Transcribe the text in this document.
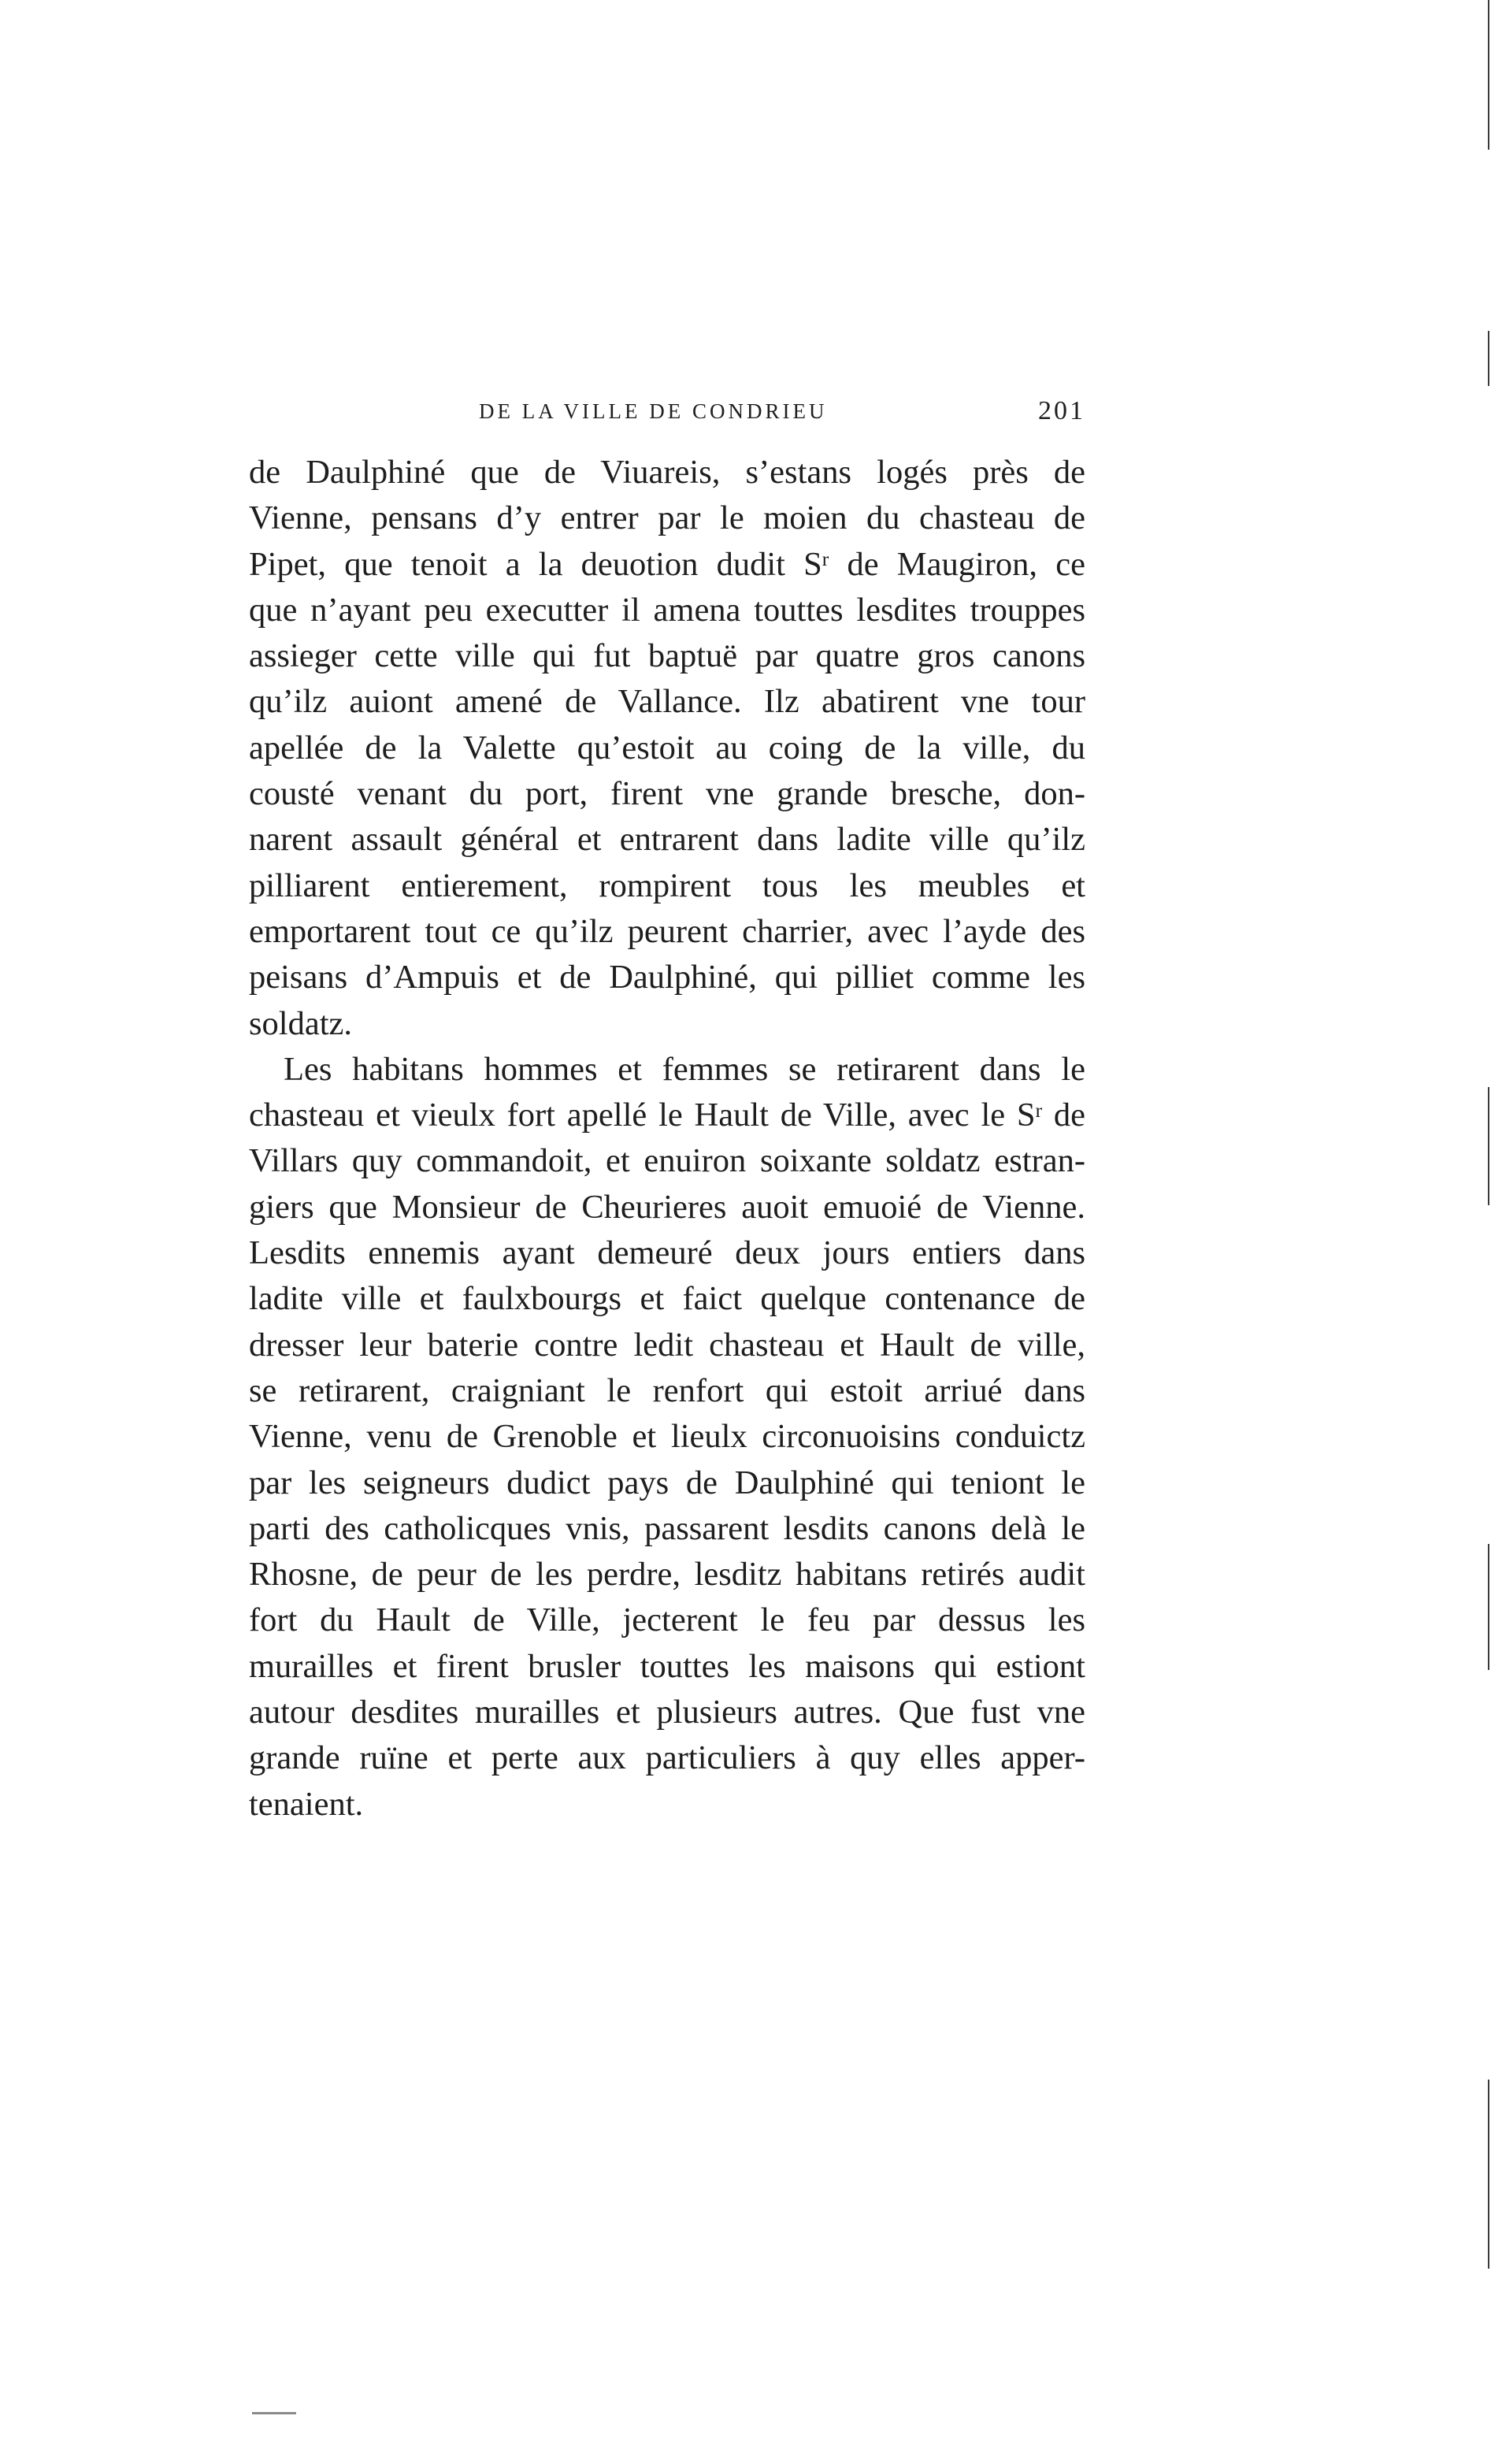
DE LA VILLE DE CONDRIEU	201

de Daulphiné que de Viuareis, s’estans logés près de
Vienne, pensans d’y entrer par le moien du chasteau de
Pipet, que tenoit a la deuotion dudit $S^r$ de Maugiron, ce
que n’ayant peu executter il amena touttes lesdites trouppes
assieger cette ville qui fut baptuë par quatre gros canons
qu’ilz auiont amené de Vallance. Ilz abatirent vne tour
apellée de la Valette qu’estoit au coing de la ville, du
cousté venant du port, firent vne grande bresche, don-
narent assault général et entrarent dans ladite ville qu’ilz
pilliarent entierement, rompirent tous les meubles et
emportarent tout ce qu’ilz peurent charrier, avec l’ayde des
peisans d’Ampuis et de Daulphiné, qui pilliet comme les
soldatz.

Les habitans hommes et femmes se retirarent dans le
chasteau et vieulx fort apellé le Hault de Ville, avec le $S^r$ de
Villars quy commandoit, et enuiron soixante soldatz estran-
giers que Monsieur de Cheurieres auoit emuoié de Vienne.
Lesdits ennemis ayant demeuré deux jours entiers dans
ladite ville et faulxbourgs et faict quelque contenance de
dresser leur baterie contre ledit chasteau et Hault de ville,
se retirarent, craigniant le renfort qui estoit arriué dans
Vienne, venu de Grenoble et lieulx circonuoisins conduictz
par les seigneurs dudict pays de Daulphiné qui teniont le
parti des catholicques vnis, passarent lesdits canons delà le
Rhosne, de peur de les perdre, lesditz habitans retirés audit
fort du Hault de Ville, jecterent le feu par dessus les
murailles et firent brusler touttes les maisons qui estiont
autour desdites murailles et plusieurs autres. Que fust vne
grande ruïne et perte aux particuliers à quy elles apper-
tenaient.
